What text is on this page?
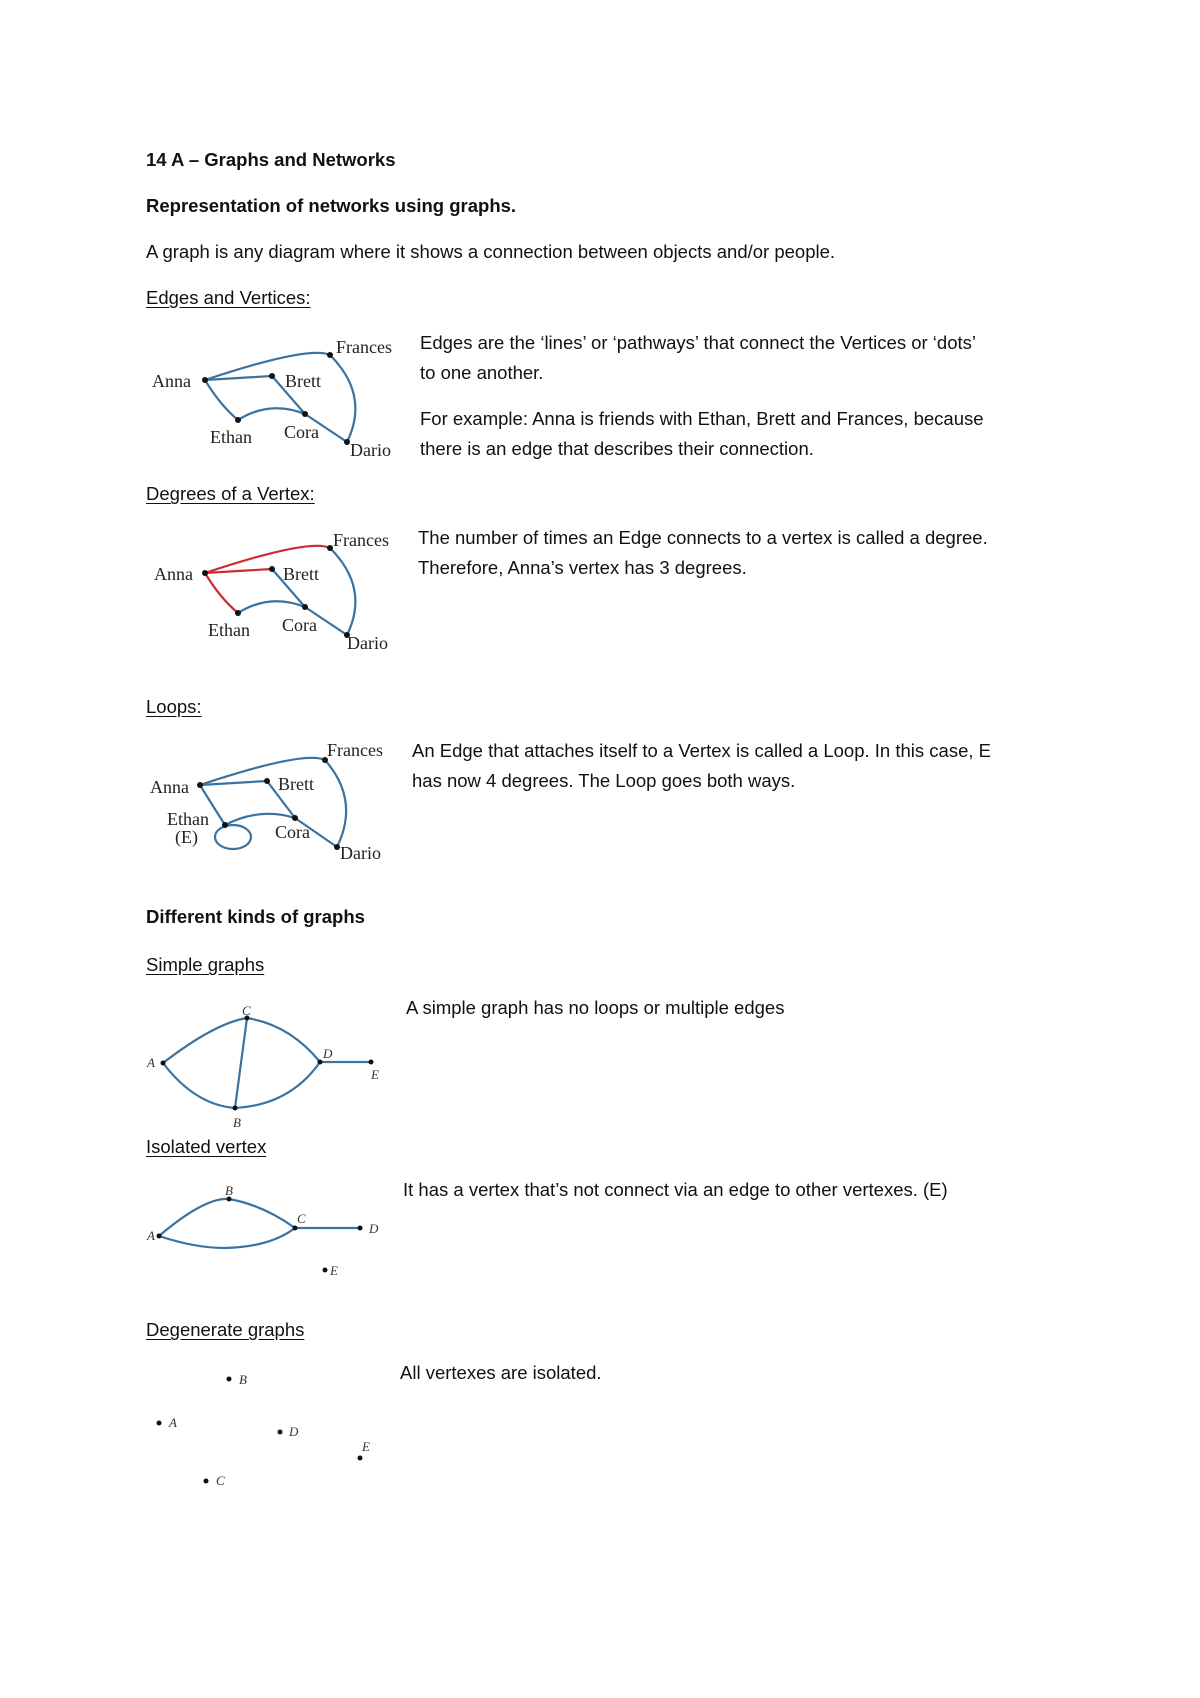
14 A – Graphs and Networks
Representation of networks using graphs.
A graph is any diagram where it shows a connection between objects and/or people.
Edges and Vertices:
Anna	Brett
Frances
Ethan Cora
Dario
Edges are the ‘lines’ or ‘pathways’ that connect the Vertices or ‘dots’
to one another.
For example: Anna is friends with Ethan, Brett and Frances, because
there is an edge that describes their connection.
Degrees of a Vertex:
Anna	Brett
Frances
Ethan Cora
Dario
The number of times an Edge connects to a vertex is called a degree.
Therefore, Anna’s vertex has 3 degrees.
Loops:
Anna	Brett
Frances
Ethan
(E)	Cora
Dario
An Edge that attaches itself to a Vertex is called a Loop. In this case, E
has now 4 degrees. The Loop goes both ways.
Different kinds of graphs
Simple graphs
A
C
B
D
E
A simple graph has no loops or multiple edges
Isolated vertex
A
B
C
D
E
It has a vertex that’s not connect via an edge to other vertexes. (E)
Degenerate graphs
B
A
D
E
C
All vertexes are isolated.
